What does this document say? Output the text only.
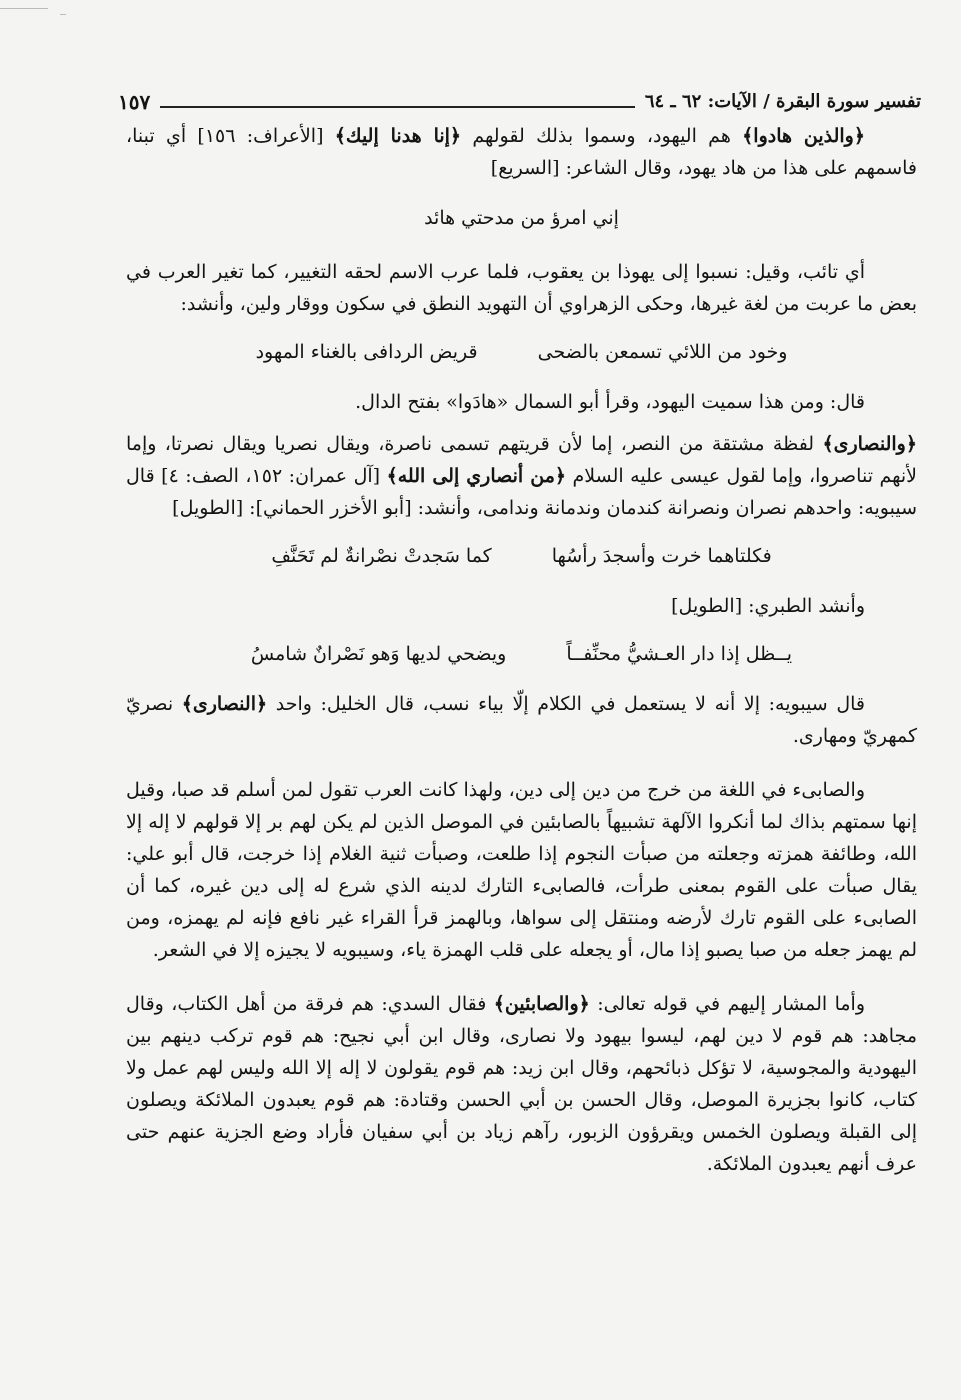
تفسير سورة البقرة / الآيات: ٦٢ ـ ٦٤
١٥٧

﴿والذين هادوا﴾ هم اليهود، وسموا بذلك لقولهم ﴿إنا هدنا إليك﴾ [الأعراف: ١٥٦] أي تبنا، فاسمهم على هذا من هاد يهود، وقال الشاعر: [السريع]

إني امرؤ من مدحتي هائد

أي تائب، وقيل: نسبوا إلى يهوذا بن يعقوب، فلما عرب الاسم لحقه التغيير، كما تغير العرب في بعض ما عربت من لغة غيرها، وحكى الزهراوي أن التهويد النطق في سكون ووقار ولين، وأنشد:

وخود من اللائي تسمعن بالضحى
قريض الردافى بالغناء المهود

قال: ومن هذا سميت اليهود، وقرأ أبو السمال «هادَوا» بفتح الدال.

﴿والنصارى﴾ لفظة مشتقة من النصر، إما لأن قريتهم تسمى ناصرة، ويقال نصريا ويقال نصرتا، وإما لأنهم تناصروا، وإما لقول عيسى عليه السلام ﴿من أنصاري إلى الله﴾ [آل عمران: ١٥٢، الصف: ٤] قال سيبويه: واحدهم نصران ونصرانة كندمان وندمانة وندامى، وأنشد: [أبو الأخزر الحماني]: [الطويل]

فكلتاهما خرت وأسجدَ رأسُها
كما سَجدتْ نصْرانةٌ لم تَحَنَّفِ

وأنشد الطبري: [الطويل]

يــظل إذا دار العـشيُّ محنِّفــاً
ويضحي لديها وَهو نَصْرانٌ شامسُ

قال سيبويه: إلا أنه لا يستعمل في الكلام إلّا بياء نسب، قال الخليل: واحد ﴿النصارى﴾ نصريّ كمهريّ ومهارى.

والصابىء في اللغة من خرج من دين إلى دين، ولهذا كانت العرب تقول لمن أسلم قد صبا، وقيل إنها سمتهم بذاك لما أنكروا الآلهة تشبيهاً بالصابئين في الموصل الذين لم يكن لهم بر إلا قولهم لا إله إلا الله، وطائفة همزته وجعلته من صبأت النجوم إذا طلعت، وصبأت ثنية الغلام إذا خرجت، قال أبو علي: يقال صبأت على القوم بمعنى طرأت، فالصابىء التارك لدينه الذي شرع له إلى دين غيره، كما أن الصابىء على القوم تارك لأرضه ومنتقل إلى سواها، وبالهمز قرأ القراء غير نافع فإنه لم يهمزه، ومن لم يهمز جعله من صبا يصبو إذا مال، أو يجعله على قلب الهمزة ياء، وسيبويه لا يجيزه إلا في الشعر.

وأما المشار إليهم في قوله تعالى: ﴿والصابئين﴾ فقال السدي: هم فرقة من أهل الكتاب، وقال مجاهد: هم قوم لا دين لهم، ليسوا بيهود ولا نصارى، وقال ابن أبي نجيح: هم قوم تركب دينهم بين اليهودية والمجوسية، لا تؤكل ذبائحهم، وقال ابن زيد: هم قوم يقولون لا إله إلا الله وليس لهم عمل ولا كتاب، كانوا بجزيرة الموصل، وقال الحسن بن أبي الحسن وقتادة: هم قوم يعبدون الملائكة ويصلون إلى القبلة ويصلون الخمس ويقرؤون الزبور، رآهم زياد بن أبي سفيان فأراد وضع الجزية عنهم حتى عرف أنهم يعبدون الملائكة.
